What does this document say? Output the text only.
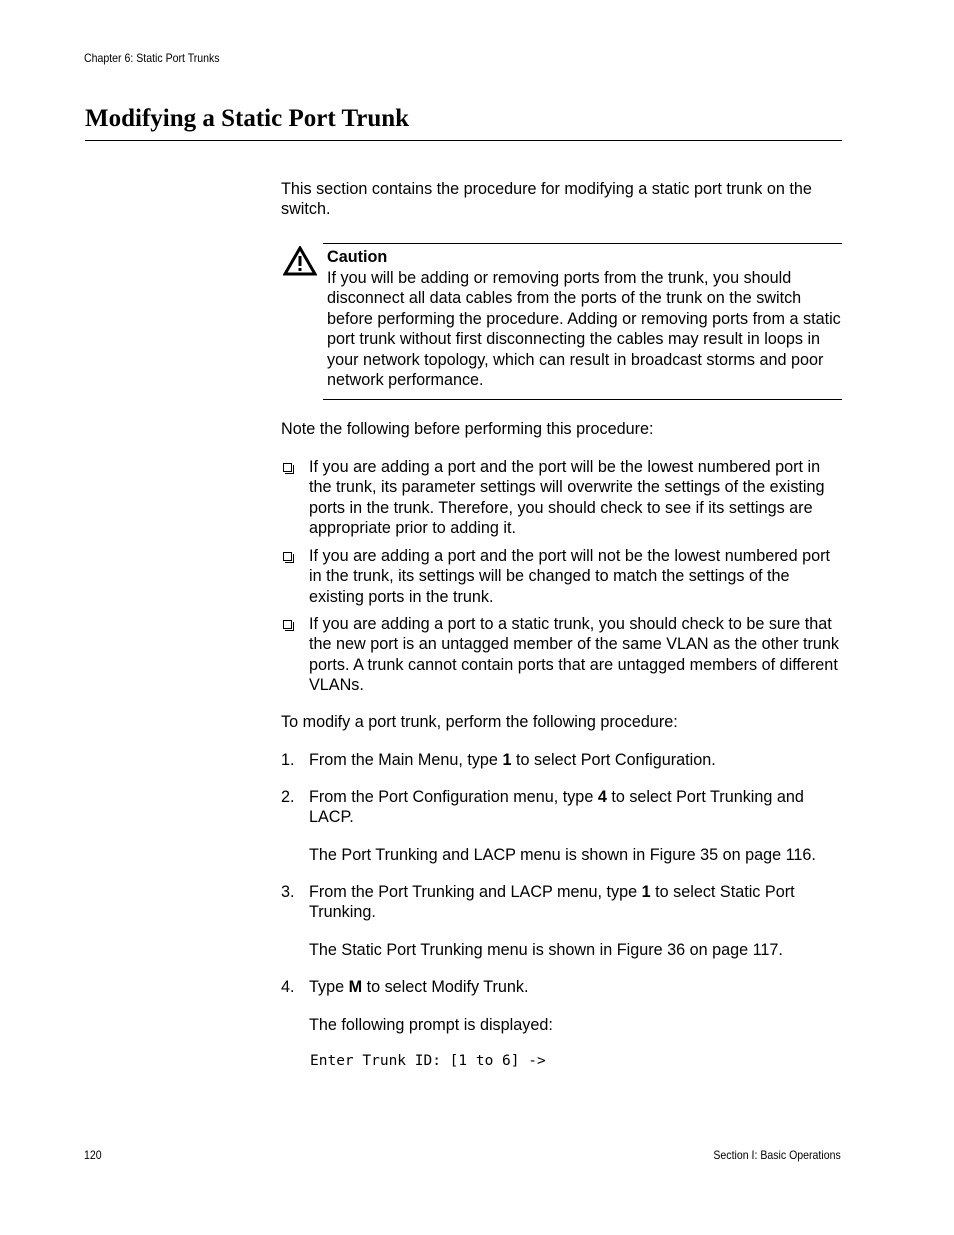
Chapter 6: Static Port Trunks
Modifying a Static Port Trunk

This section contains the procedure for modifying a static port trunk on the switch.

Caution

If you will be adding or removing ports from the trunk, you should disconnect all data cables from the ports of the trunk on the switch before performing the procedure. Adding or removing ports from a static port trunk without first disconnecting the cables may result in loops in your network topology, which can result in broadcast storms and poor network performance.

Note the following before performing this procedure:

If you are adding a port and the port will be the lowest numbered port in the trunk, its parameter settings will overwrite the settings of the existing ports in the trunk. Therefore, you should check to see if its settings are appropriate prior to adding it.
If you are adding a port and the port will not be the lowest numbered port in the trunk, its settings will be changed to match the settings of the existing ports in the trunk.
If you are adding a port to a static trunk, you should check to be sure that the new port is an untagged member of the same VLAN as the other trunk ports. A trunk cannot contain ports that are untagged members of different VLANs.

To modify a port trunk, perform the following procedure:

1. From the Main Menu, type 1 to select Port Configuration.
2. From the Port Configuration menu, type 4 to select Port Trunking and LACP.
The Port Trunking and LACP menu is shown in Figure 35 on page 116.
3. From the Port Trunking and LACP menu, type 1 to select Static Port Trunking.
The Static Port Trunking menu is shown in Figure 36 on page 117.
4. Type M to select Modify Trunk.
The following prompt is displayed:
Enter Trunk ID: [1 to 6] ->
120	Section I: Basic Operations
